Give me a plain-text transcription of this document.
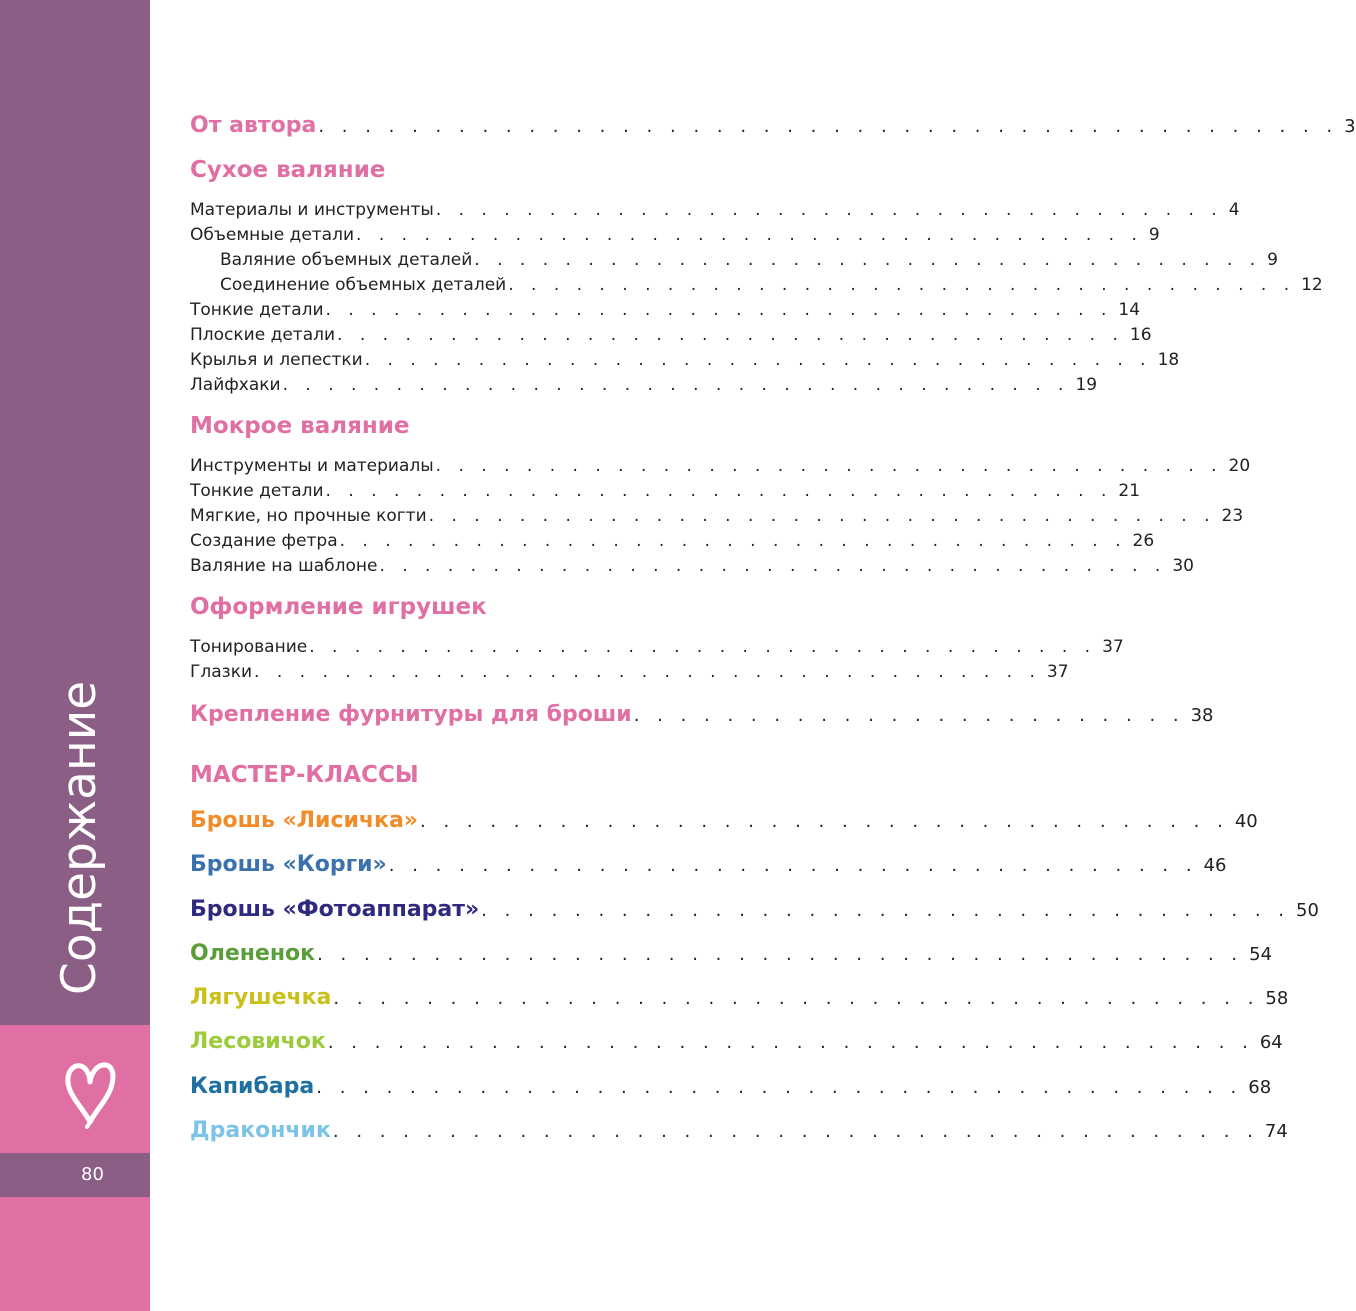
Содержание
80
От автора . . . . . . . . . . . . . . . . . . . . . . . . . . . . . . . . . . . . . . . . . . . . 3
Сухое валяние
Материалы и инструменты . . . . . . . . . . . . . . . . . . . . . . . . . . . . . . . . . . . 4
Объемные детали . . . . . . . . . . . . . . . . . . . . . . . . . . . . . . . . . . . 9
Валяние объемных деталей . . . . . . . . . . . . . . . . . . . . . . . . . . . . . . . . . . . 9
Соединение объемных деталей . . . . . . . . . . . . . . . . . . . . . . . . . . . . . . . . . . . 12
Тонкие детали . . . . . . . . . . . . . . . . . . . . . . . . . . . . . . . . . . . 14
Плоские детали . . . . . . . . . . . . . . . . . . . . . . . . . . . . . . . . . . . 16
Крылья и лепестки . . . . . . . . . . . . . . . . . . . . . . . . . . . . . . . . . . . 18
Лайфхаки . . . . . . . . . . . . . . . . . . . . . . . . . . . . . . . . . . . 19
Мокрое валяние
Инструменты и материалы . . . . . . . . . . . . . . . . . . . . . . . . . . . . . . . . . . . 20
Тонкие детали . . . . . . . . . . . . . . . . . . . . . . . . . . . . . . . . . . . 21
Мягкие, но прочные когти . . . . . . . . . . . . . . . . . . . . . . . . . . . . . . . . . . . 23
Создание фетра . . . . . . . . . . . . . . . . . . . . . . . . . . . . . . . . . . . 26
Валяние на шаблоне . . . . . . . . . . . . . . . . . . . . . . . . . . . . . . . . . . . 30
Оформление игрушек
Тонирование . . . . . . . . . . . . . . . . . . . . . . . . . . . . . . . . . . . 37
Глазки . . . . . . . . . . . . . . . . . . . . . . . . . . . . . . . . . . . 37
Крепление фурнитуры для броши . . . . . . . . . . . . . . . . . . . . . . . . 38
МАСТЕР-КЛАССЫ
Брошь «Лисичка» . . . . . . . . . . . . . . . . . . . . . . . . . . . . . . . . . . . 40
Брошь «Корги» . . . . . . . . . . . . . . . . . . . . . . . . . . . . . . . . . . . 46
Брошь «Фотоаппарат» . . . . . . . . . . . . . . . . . . . . . . . . . . . . . . . . . . . 50
Олененок . . . . . . . . . . . . . . . . . . . . . . . . . . . . . . . . . . . . . . . . 54
Лягушечка . . . . . . . . . . . . . . . . . . . . . . . . . . . . . . . . . . . . . . . . 58
Лесовичок . . . . . . . . . . . . . . . . . . . . . . . . . . . . . . . . . . . . . . . . 64
Капибара . . . . . . . . . . . . . . . . . . . . . . . . . . . . . . . . . . . . . . . . 68
Дракончик . . . . . . . . . . . . . . . . . . . . . . . . . . . . . . . . . . . . . . . . 74
